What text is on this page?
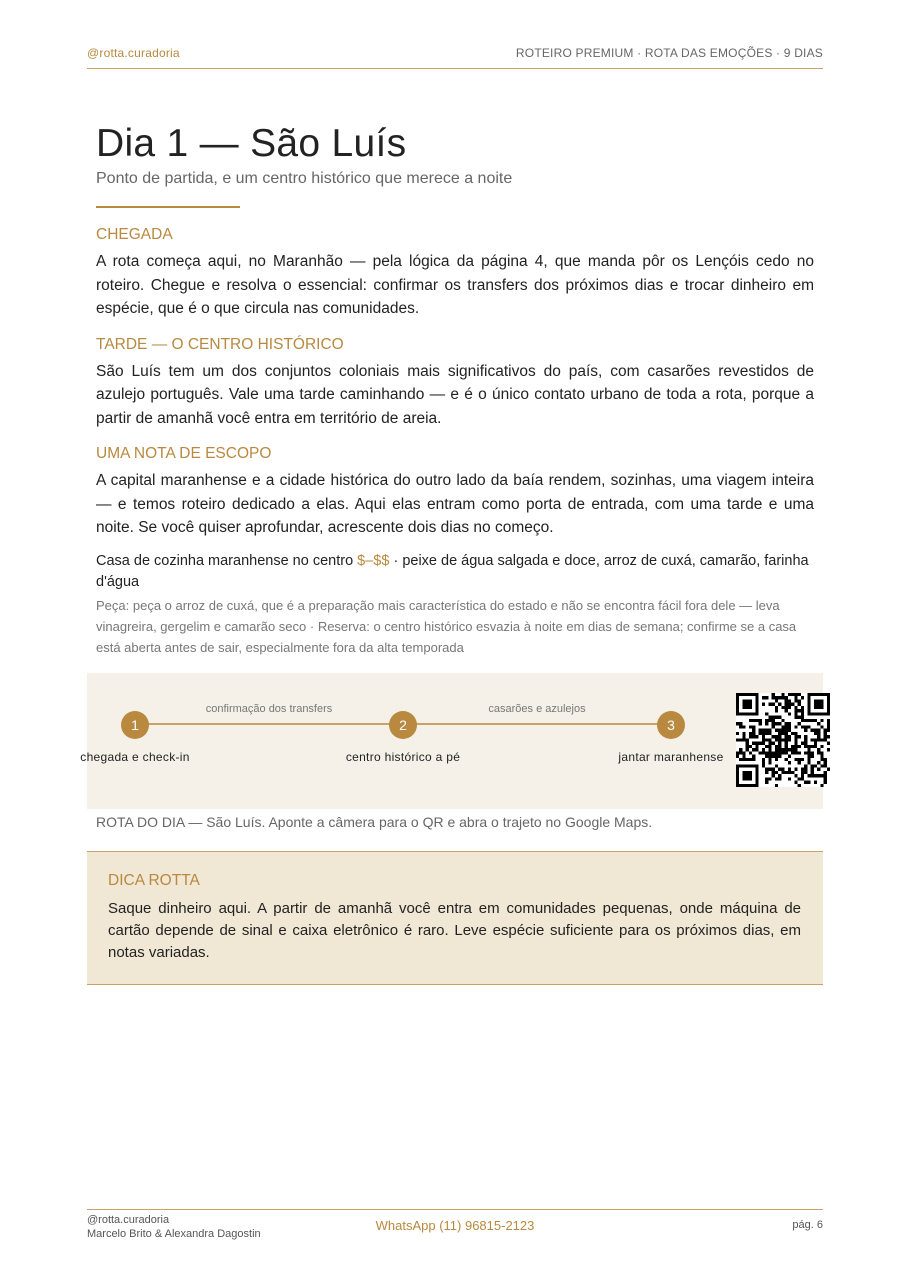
@rotta.curadoria	ROTEIRO PREMIUM · ROTA DAS EMOÇÕES · 9 DIAS
Dia 1 — São Luís
Ponto de partida, e um centro histórico que merece a noite
CHEGADA

A rota começa aqui, no Maranhão — pela lógica da página 4, que manda pôr os Lençóis cedo no roteiro. Chegue e resolva o essencial: confirmar os transfers dos próximos dias e trocar dinheiro em espécie, que é o que circula nas comunidades.

TARDE — O CENTRO HISTÓRICO

São Luís tem um dos conjuntos coloniais mais significativos do país, com casarões revestidos de azulejo português. Vale uma tarde caminhando — e é o único contato urbano de toda a rota, porque a partir de amanhã você entra em território de areia.

UMA NOTA DE ESCOPO

A capital maranhense e a cidade histórica do outro lado da baía rendem, sozinhas, uma viagem inteira — e temos roteiro dedicado a elas. Aqui elas entram como porta de entrada, com uma tarde e uma noite. Se você quiser aprofundar, acrescente dois dias no começo.

Casa de cozinha maranhense no centro $–$$ · peixe de água salgada e doce, arroz de cuxá, camarão, farinha d'água
Peça: peça o arroz de cuxá, que é a preparação mais característica do estado e não se encontra fácil fora dele — leva vinagreira, gergelim e camarão seco · Reserva: o centro histórico esvazia à noite em dias de semana; confirme se a casa está aberta antes de sair, especialmente fora da alta temporada
confirmação dos transfers	casarões e azulejos
1	2	3
chegada e check-in	centro histórico a pé	jantar maranhense
ROTA DO DIA — São Luís. Aponte a câmera para o QR e abra o trajeto no Google Maps.
DICA ROTTA

Saque dinheiro aqui. A partir de amanhã você entra em comunidades pequenas, onde máquina de cartão depende de sinal e caixa eletrônico é raro. Leve espécie suficiente para os próximos dias, em notas variadas.

@rotta.curadoria
Marcelo Brito & Alexandra Dagostin
WhatsApp (11) 96815-2123	pág. 6
